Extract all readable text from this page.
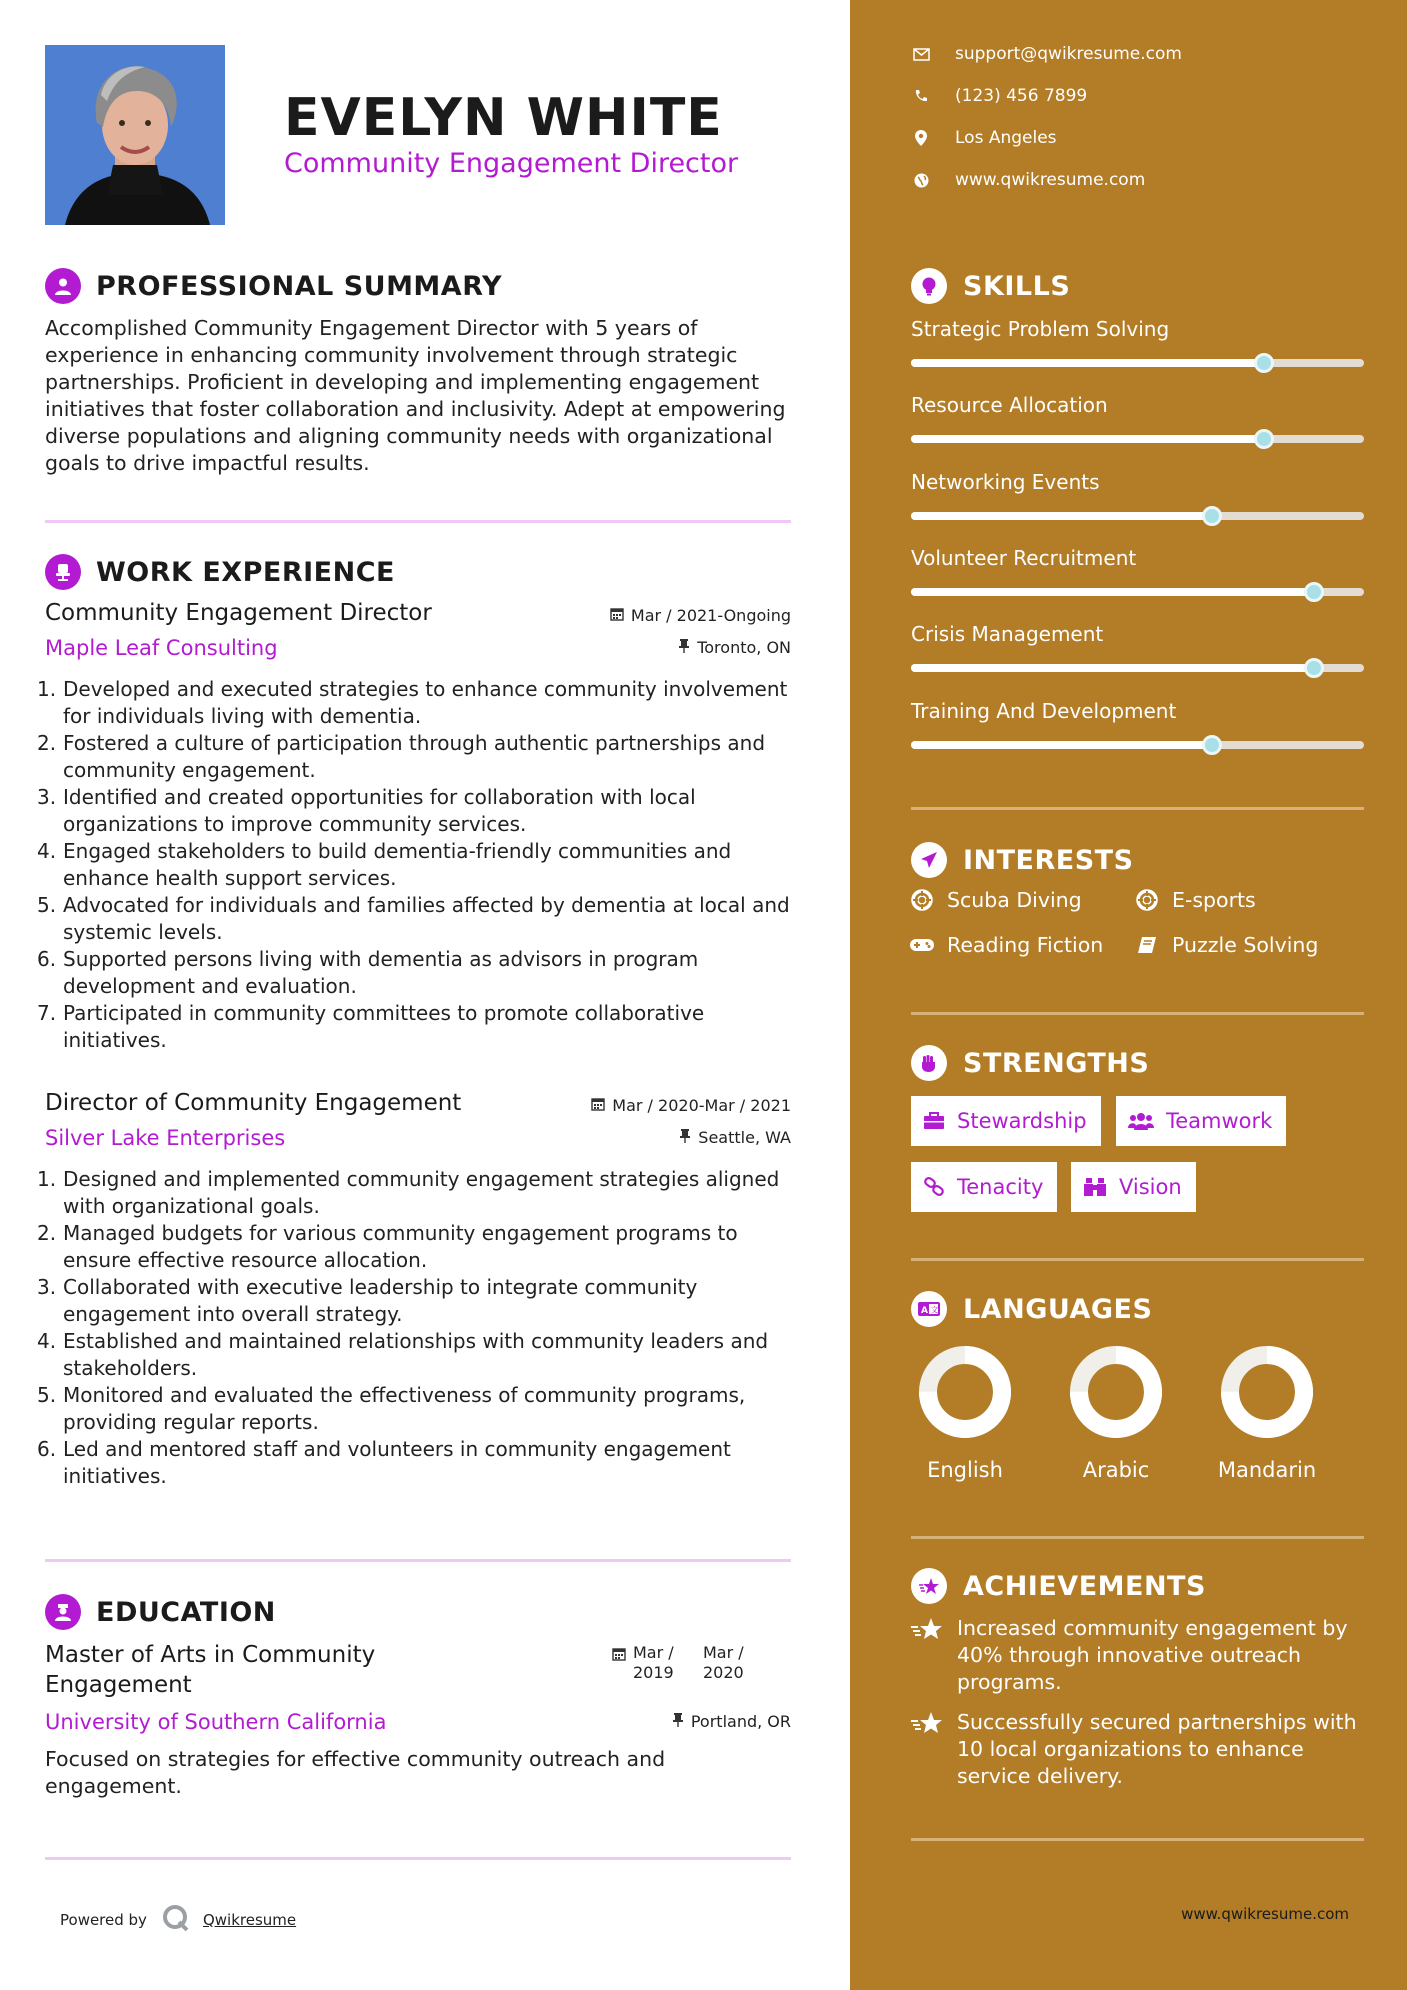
EVELYN WHITE
Community Engagement Director
PROFESSIONAL SUMMARY
Accomplished Community Engagement Director with 5 years of experience in enhancing community involvement through strategic partnerships. Proficient in developing and implementing engagement initiatives that foster collaboration and inclusivity. Adept at empowering diverse populations and aligning community needs with organizational goals to drive impactful results.
WORK EXPERIENCE
Community Engagement Director	Mar / 2021-Ongoing
Maple Leaf Consulting	Toronto, ON
1. Developed and executed strategies to enhance community involvement for individuals living with dementia.
2. Fostered a culture of participation through authentic partnerships and community engagement.
3. Identified and created opportunities for collaboration with local organizations to improve community services.
4. Engaged stakeholders to build dementia-friendly communities and enhance health support services.
5. Advocated for individuals and families affected by dementia at local and systemic levels.
6. Supported persons living with dementia as advisors in program development and evaluation.
7. Participated in community committees to promote collaborative initiatives.
Director of Community Engagement	Mar / 2020-Mar / 2021
Silver Lake Enterprises	Seattle, WA
1. Designed and implemented community engagement strategies aligned with organizational goals.
2. Managed budgets for various community engagement programs to ensure effective resource allocation.
3. Collaborated with executive leadership to integrate community engagement into overall strategy.
4. Established and maintained relationships with community leaders and stakeholders.
5. Monitored and evaluated the effectiveness of community programs, providing regular reports.
6. Led and mentored staff and volunteers in community engagement initiatives.
EDUCATION
Master of Arts in Community Engagement
Mar / 2019
Mar / 2020
University of Southern California	Portland, OR
Focused on strategies for effective community outreach and engagement.
Powered by	Qwikresume
support@qwikresume.com
(123) 456 7899
Los Angeles
www.qwikresume.com
SKILLS
Strategic Problem Solving
Resource Allocation
Networking Events
Volunteer Recruitment
Crisis Management
Training And Development
INTERESTS
Scuba Diving	E-sports
Reading Fiction	Puzzle Solving
STRENGTHS
Stewardship	Teamwork
Tenacity	Vision
A 文 LANGUAGES
English	Arabic	Mandarin
ACHIEVEMENTS
Increased community engagement by 40% through innovative outreach programs.
Successfully secured partnerships with 10 local organizations to enhance service delivery.
www.qwikresume.com
